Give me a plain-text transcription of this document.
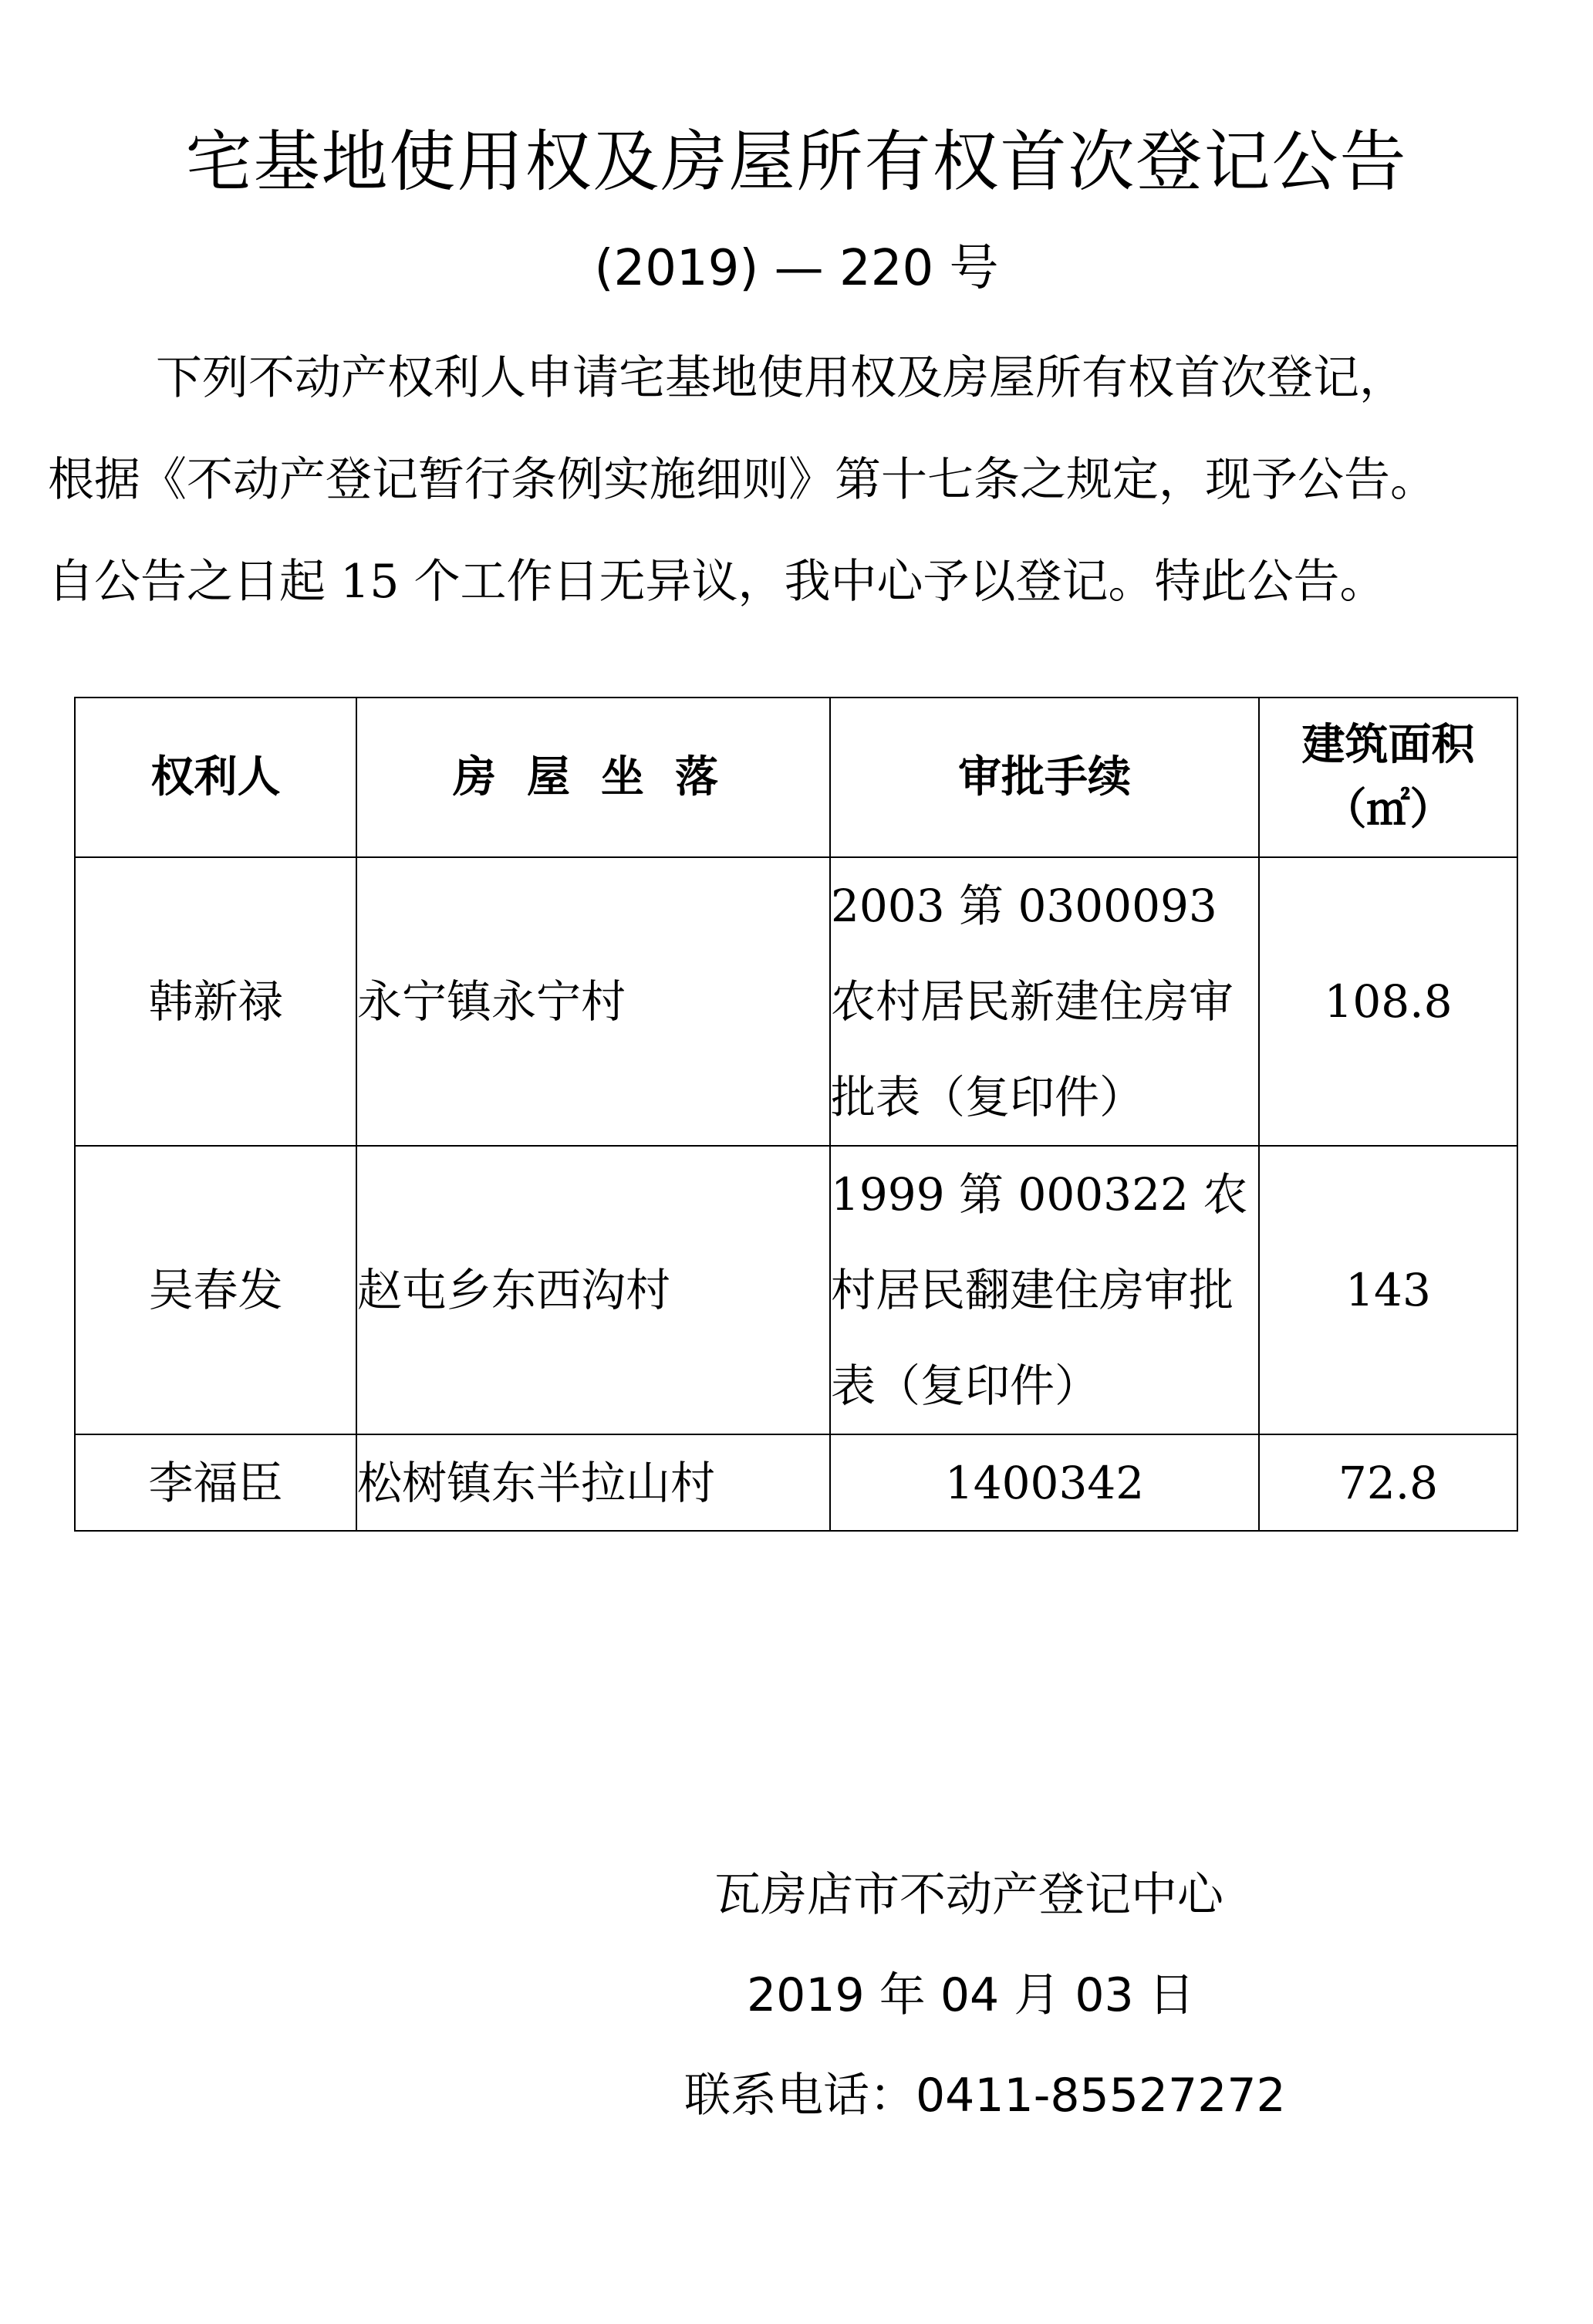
宅基地使用权及房屋所有权首次登记公告
(2019) — 220 号
下列不动产权利人申请宅基地使用权及房屋所有权首次登记，
根据《不动产登记暂行条例实施细则》第十七条之规定，现予公告。
自公告之日起 15 个工作日无异议，我中心予以登记。特此公告。
权利人	房屋坐落	审批手续	建筑面积
（㎡）

韩新禄	永宁镇永宁村	2003 第 0300093 农村居民新建住房审批表（复印件）	108.8
吴春发	赵屯乡东西沟村	1999 第 000322 农村居民翻建住房审批表（复印件）	143
李福臣	松树镇东半拉山村	1400342	72.8
瓦房店市不动产登记中心
2019 年 04 月 03 日
联系电话：0411-85527272
